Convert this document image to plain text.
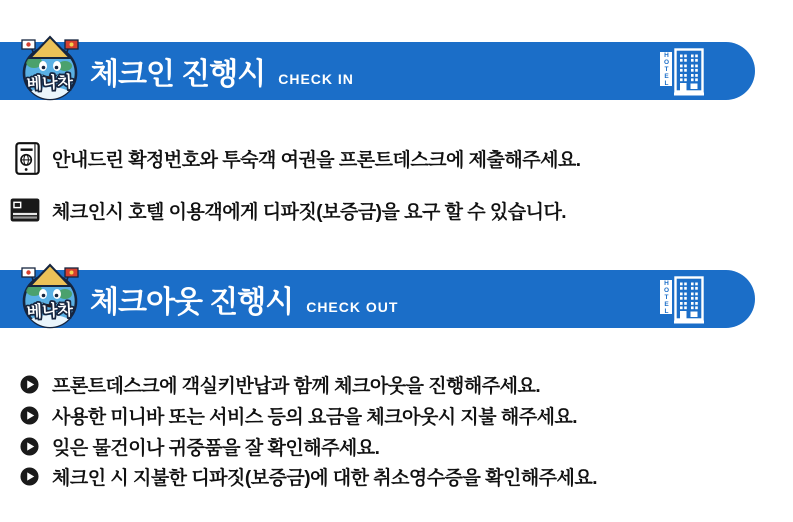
베나차 체크인 진행시 CHECK IN	HOTEL
안내드린 확정번호와 투숙객 여권을 프론트데스크에 제출해주세요.
체크인시 호텔 이용객에게 디파짓(보증금)을 요구 할 수 있습니다.
베나차 체크아웃 진행시 CHECK OUT	HOTEL
프론트데스크에 객실키반납과 함께 체크아웃을 진행해주세요.
사용한 미니바 또는 서비스 등의 요금을 체크아웃시 지불 해주세요.
잊은 물건이나 귀중품을 잘 확인해주세요.
체크인 시 지불한 디파짓(보증금)에 대한 취소영수증을 확인해주세요.
